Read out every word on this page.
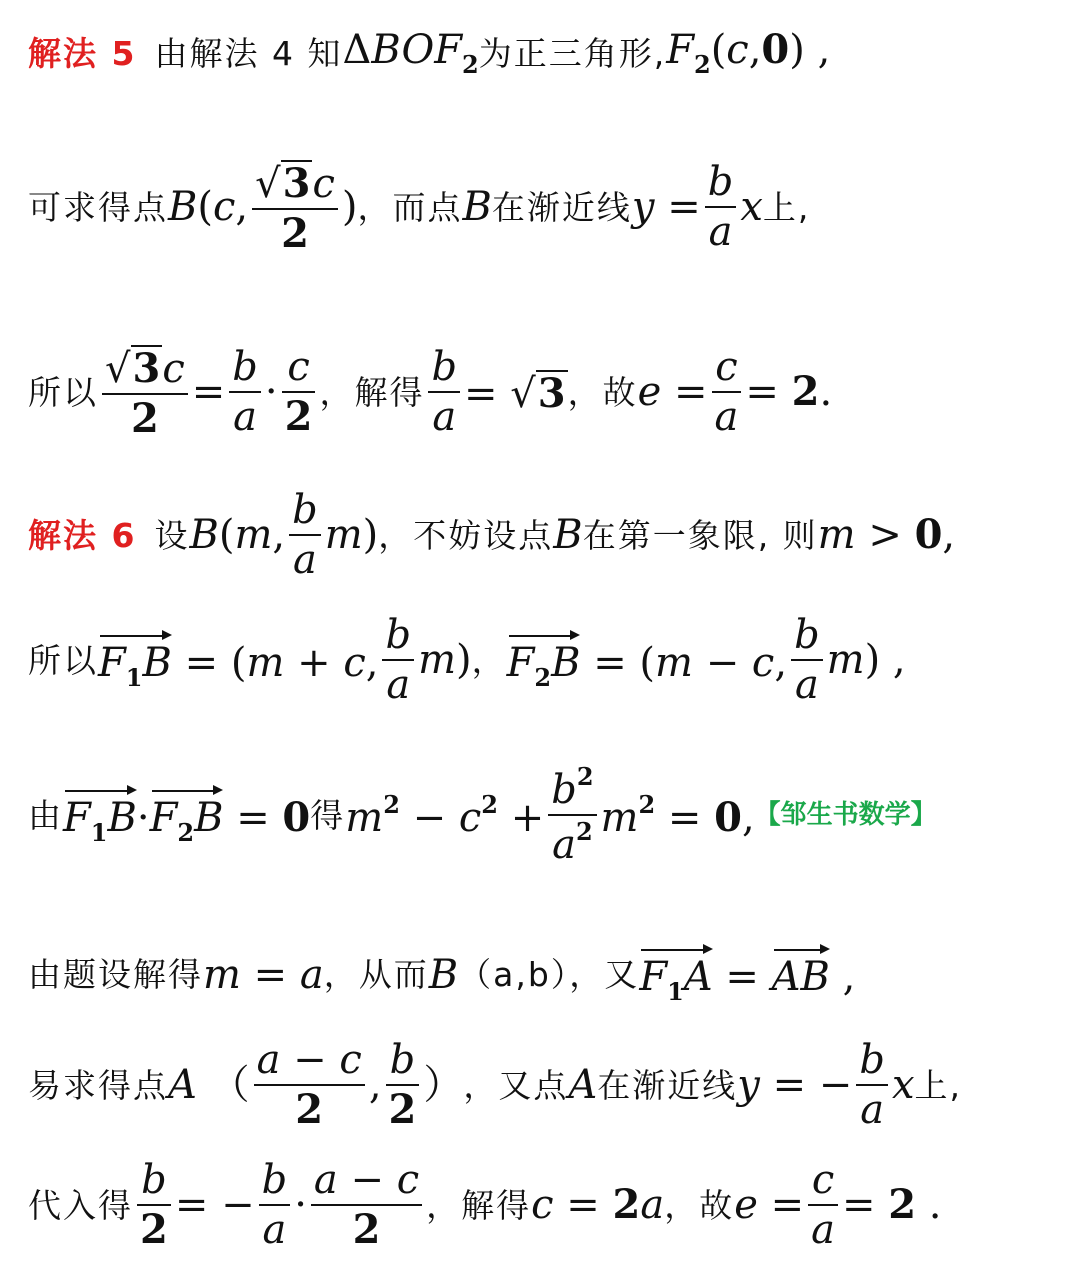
解法 5 由解法 4 知 $\Delta BOF_2$ 为正三角形, $F_2(c,0)$ ,
可求得点 B(c, $\frac{√ 3 c}{2}$ ) ，而点 B 在渐近线 $y = \frac{b}{a}$ x 上,
所以 $\frac{√ 3 c}{2} = \frac{b}{a} \cdot \frac{c}{2}$ ，解得 $\frac{b}{a}$ = √ 3 ，故 $e = \frac{c}{a} = 2$.
解法 6 设 B(m, $\frac{b}{a} m$) ，不妨设点 B 在第一象限, 则 m > 0,
所以 $F_1B = (m + c$, $\frac{b}{a} m$) ， $F_2B = (m - c$, $\frac{b}{a} m$) ,
由 $F_1B\cdot F_2B = 0$ 得 $m^2 - c^2 + \frac{b^2}{a^2} m^2 = 0$, 【邹生书数学】
由题设解得 m = a ，从而 B （a,b），又 $F_1A$ = AB ,
易求得点 A （ $\frac{a - c}{2}$ , $\frac{b}{2}$ ） ，又点 A 在渐近线 y = − $\frac{b}{a}$ x 上,
代入得 $\frac{b}{2}$ = − $\frac{b}{a} \cdot \frac{a - c}{2}$ ，解得 c = 2a ，故 $e = \frac{c}{a} = 2$ .
